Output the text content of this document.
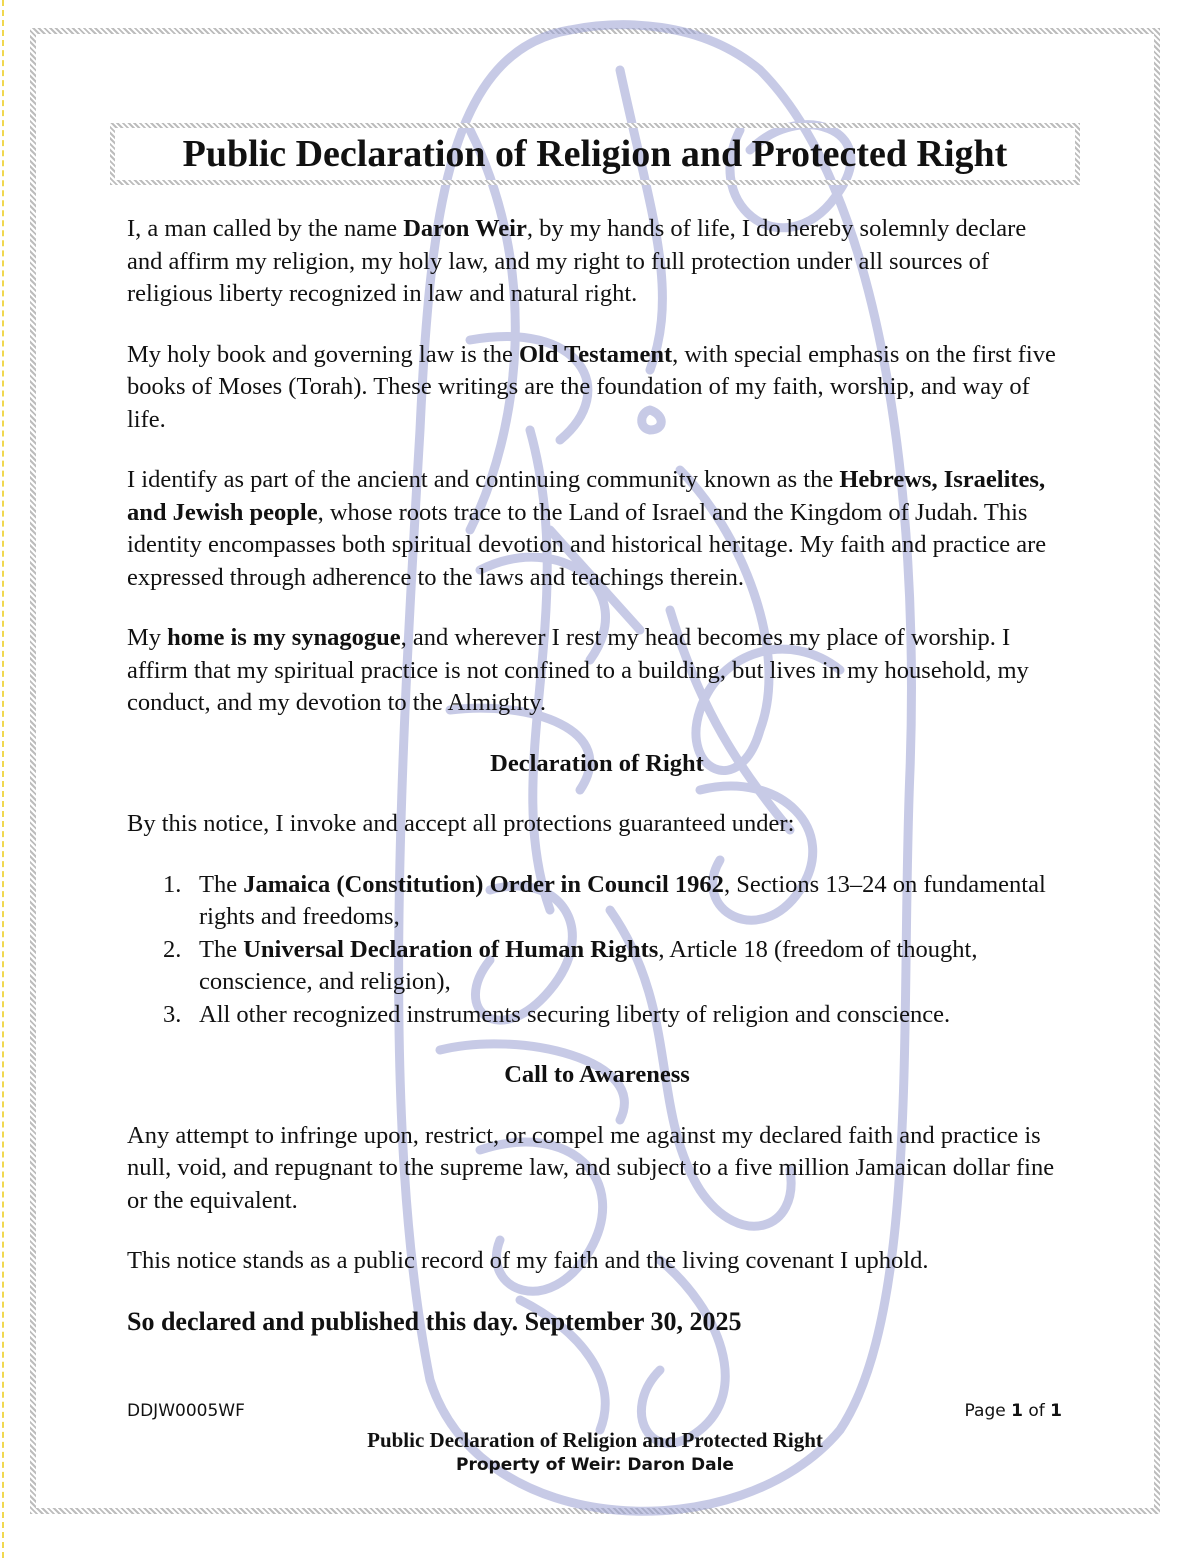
Public Declaration of Religion and Protected Right

I, a man called by the name Daron Weir, by my hands of life, I do hereby solemnly declare and affirm my religion, my holy law, and my right to full protection under all sources of religious liberty recognized in law and natural right.

My holy book and governing law is the Old Testament, with special emphasis on the first five books of Moses (Torah). These writings are the foundation of my faith, worship, and way of life.

I identify as part of the ancient and continuing community known as the Hebrews, Israelites, and Jewish people, whose roots trace to the Land of Israel and the Kingdom of Judah. This identity encompasses both spiritual devotion and historical heritage. My faith and practice are expressed through adherence to the laws and teachings therein.

My home is my synagogue, and wherever I rest my head becomes my place of worship. I affirm that my spiritual practice is not confined to a building, but lives in my household, my conduct, and my devotion to the Almighty.

Declaration of Right

By this notice, I invoke and accept all protections guaranteed under:

1. The Jamaica (Constitution) Order in Council 1962, Sections 13–24 on fundamental rights and freedoms,
2. The Universal Declaration of Human Rights, Article 18 (freedom of thought, conscience, and religion),
3. All other recognized instruments securing liberty of religion and conscience.
Call to Awareness

Any attempt to infringe upon, restrict, or compel me against my declared faith and practice is null, void, and repugnant to the supreme law, and subject to a five million Jamaican dollar fine or the equivalent.

This notice stands as a public record of my faith and the living covenant I uphold.

So declared and published this day. September 30, 2025

DDJW0005WF	Page 1 of 1
Public Declaration of Religion and Protected Right
Property of Weir: Daron Dale
